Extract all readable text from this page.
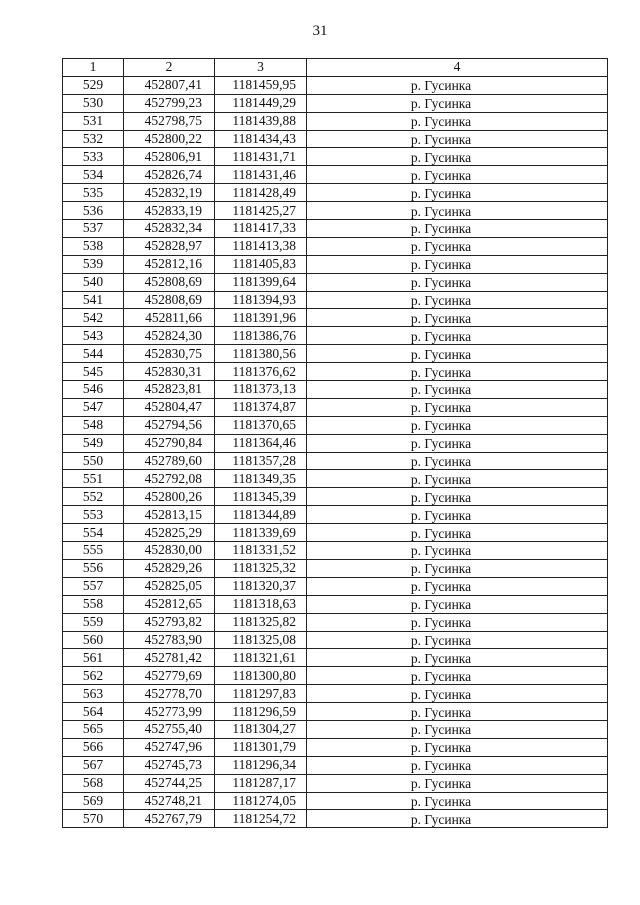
31
1	2	3	4
529	452807,41	1181459,95	р. Гусинка
530	452799,23	1181449,29	р. Гусинка
531	452798,75	1181439,88	р. Гусинка
532	452800,22	1181434,43	р. Гусинка
533	452806,91	1181431,71	р. Гусинка
534	452826,74	1181431,46	р. Гусинка
535	452832,19	1181428,49	р. Гусинка
536	452833,19	1181425,27	р. Гусинка
537	452832,34	1181417,33	р. Гусинка
538	452828,97	1181413,38	р. Гусинка
539	452812,16	1181405,83	р. Гусинка
540	452808,69	1181399,64	р. Гусинка
541	452808,69	1181394,93	р. Гусинка
542	452811,66	1181391,96	р. Гусинка
543	452824,30	1181386,76	р. Гусинка
544	452830,75	1181380,56	р. Гусинка
545	452830,31	1181376,62	р. Гусинка
546	452823,81	1181373,13	р. Гусинка
547	452804,47	1181374,87	р. Гусинка
548	452794,56	1181370,65	р. Гусинка
549	452790,84	1181364,46	р. Гусинка
550	452789,60	1181357,28	р. Гусинка
551	452792,08	1181349,35	р. Гусинка
552	452800,26	1181345,39	р. Гусинка
553	452813,15	1181344,89	р. Гусинка
554	452825,29	1181339,69	р. Гусинка
555	452830,00	1181331,52	р. Гусинка
556	452829,26	1181325,32	р. Гусинка
557	452825,05	1181320,37	р. Гусинка
558	452812,65	1181318,63	р. Гусинка
559	452793,82	1181325,82	р. Гусинка
560	452783,90	1181325,08	р. Гусинка
561	452781,42	1181321,61	р. Гусинка
562	452779,69	1181300,80	р. Гусинка
563	452778,70	1181297,83	р. Гусинка
564	452773,99	1181296,59	р. Гусинка
565	452755,40	1181304,27	р. Гусинка
566	452747,96	1181301,79	р. Гусинка
567	452745,73	1181296,34	р. Гусинка
568	452744,25	1181287,17	р. Гусинка
569	452748,21	1181274,05	р. Гусинка
570	452767,79	1181254,72	р. Гусинка
